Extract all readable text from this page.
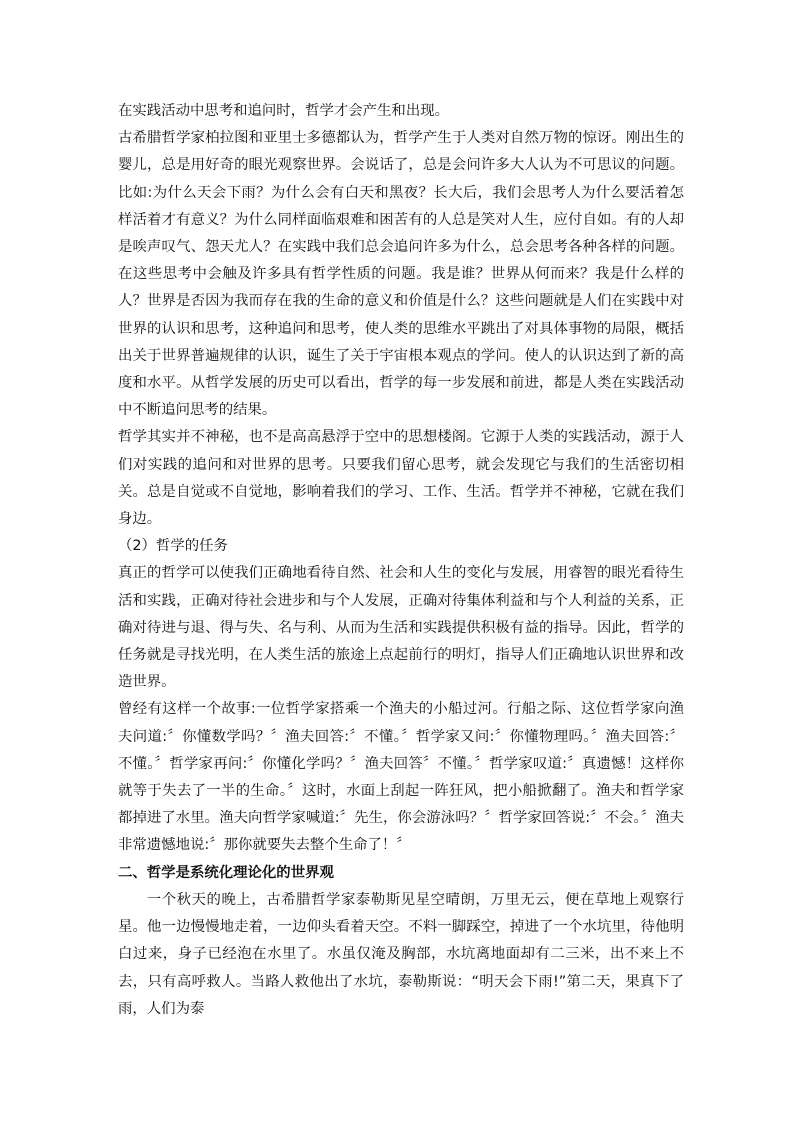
在实践活动中思考和追问时，哲学才会产生和出现。

古希腊哲学家柏拉图和亚里士多德都认为，哲学产生于人类对自然万物的惊讶。刚出生的婴儿，总是用好奇的眼光观察世界。会说话了，总是会问许多大人认为不可思议的问题。比如:为什么天会下雨？为什么会有白天和黑夜？长大后，我们会思考人为什么要活着怎样活着才有意义？为什么同样面临艰难和困苦有的人总是笑对人生，应付自如。有的人却是唉声叹气、怨天尤人？在实践中我们总会追问许多为什么，总会思考各种各样的问题。在这些思考中会触及许多具有哲学性质的问题。我是谁？世界从何而来？我是什么样的人？世界是否因为我而存在我的生命的意义和价值是什么？这些问题就是人们在实践中对世界的认识和思考，这种追问和思考，使人类的思维水平跳出了对具体事物的局限，概括出关于世界普遍规律的认识，诞生了关于宇宙根本观点的学问。使人的认识达到了新的高度和水平。从哲学发展的历史可以看出，哲学的每一步发展和前进，都是人类在实践活动中不断追问思考的结果。

哲学其实并不神秘，也不是高高悬浮于空中的思想楼阁。它源于人类的实践活动，源于人们对实践的追问和对世界的思考。只要我们留心思考，就会发现它与我们的生活密切相关。总是自觉或不自觉地，影响着我们的学习、工作、生活。哲学并不神秘，它就在我们身边。

（2）哲学的任务

真正的哲学可以使我们正确地看待自然、社会和人生的变化与发展，用睿智的眼光看待生活和实践，正确对待社会进步和与个人发展，正确对待集体利益和与个人利益的关系，正确对待进与退、得与失、名与利、从而为生活和实践提供积极有益的指导。因此，哲学的任务就是寻找光明，在人类生活的旅途上点起前行的明灯，指导人们正确地认识世界和改造世界。

曾经有这样一个故事:一位哲学家搭乘一个渔夫的小船过河。行船之际、这位哲学家向渔夫问道:〞你懂数学吗？〞渔夫回答:〞不懂。〞哲学家又问:〞你懂物理吗。〞渔夫回答:〞不懂。〞哲学家再问:〞你懂化学吗？〞渔夫回答〞不懂。〞哲学家叹道:〞真遗憾！这样你就等于失去了一半的生命。〞这时，水面上刮起一阵狂风，把小船掀翻了。渔夫和哲学家都掉进了水里。渔夫向哲学家喊道:〞先生，你会游泳吗？〞哲学家回答说:〞不会。〞渔夫非常遗憾地说:〞那你就要失去整个生命了！〞

二、哲学是系统化理论化的世界观

一个秋天的晚上，古希腊哲学家泰勒斯见星空晴朗，万里无云，便在草地上观察行星。他一边慢慢地走着，一边仰头看着天空。不料一脚踩空，掉进了一个水坑里，待他明白过来，身子已经泡在水里了。水虽仅淹及胸部，水坑离地面却有二三米，出不来上不去，只有高呼救人。当路人救他出了水坑，泰勒斯说：“明天会下雨!”第二天，果真下了雨，人们为泰
